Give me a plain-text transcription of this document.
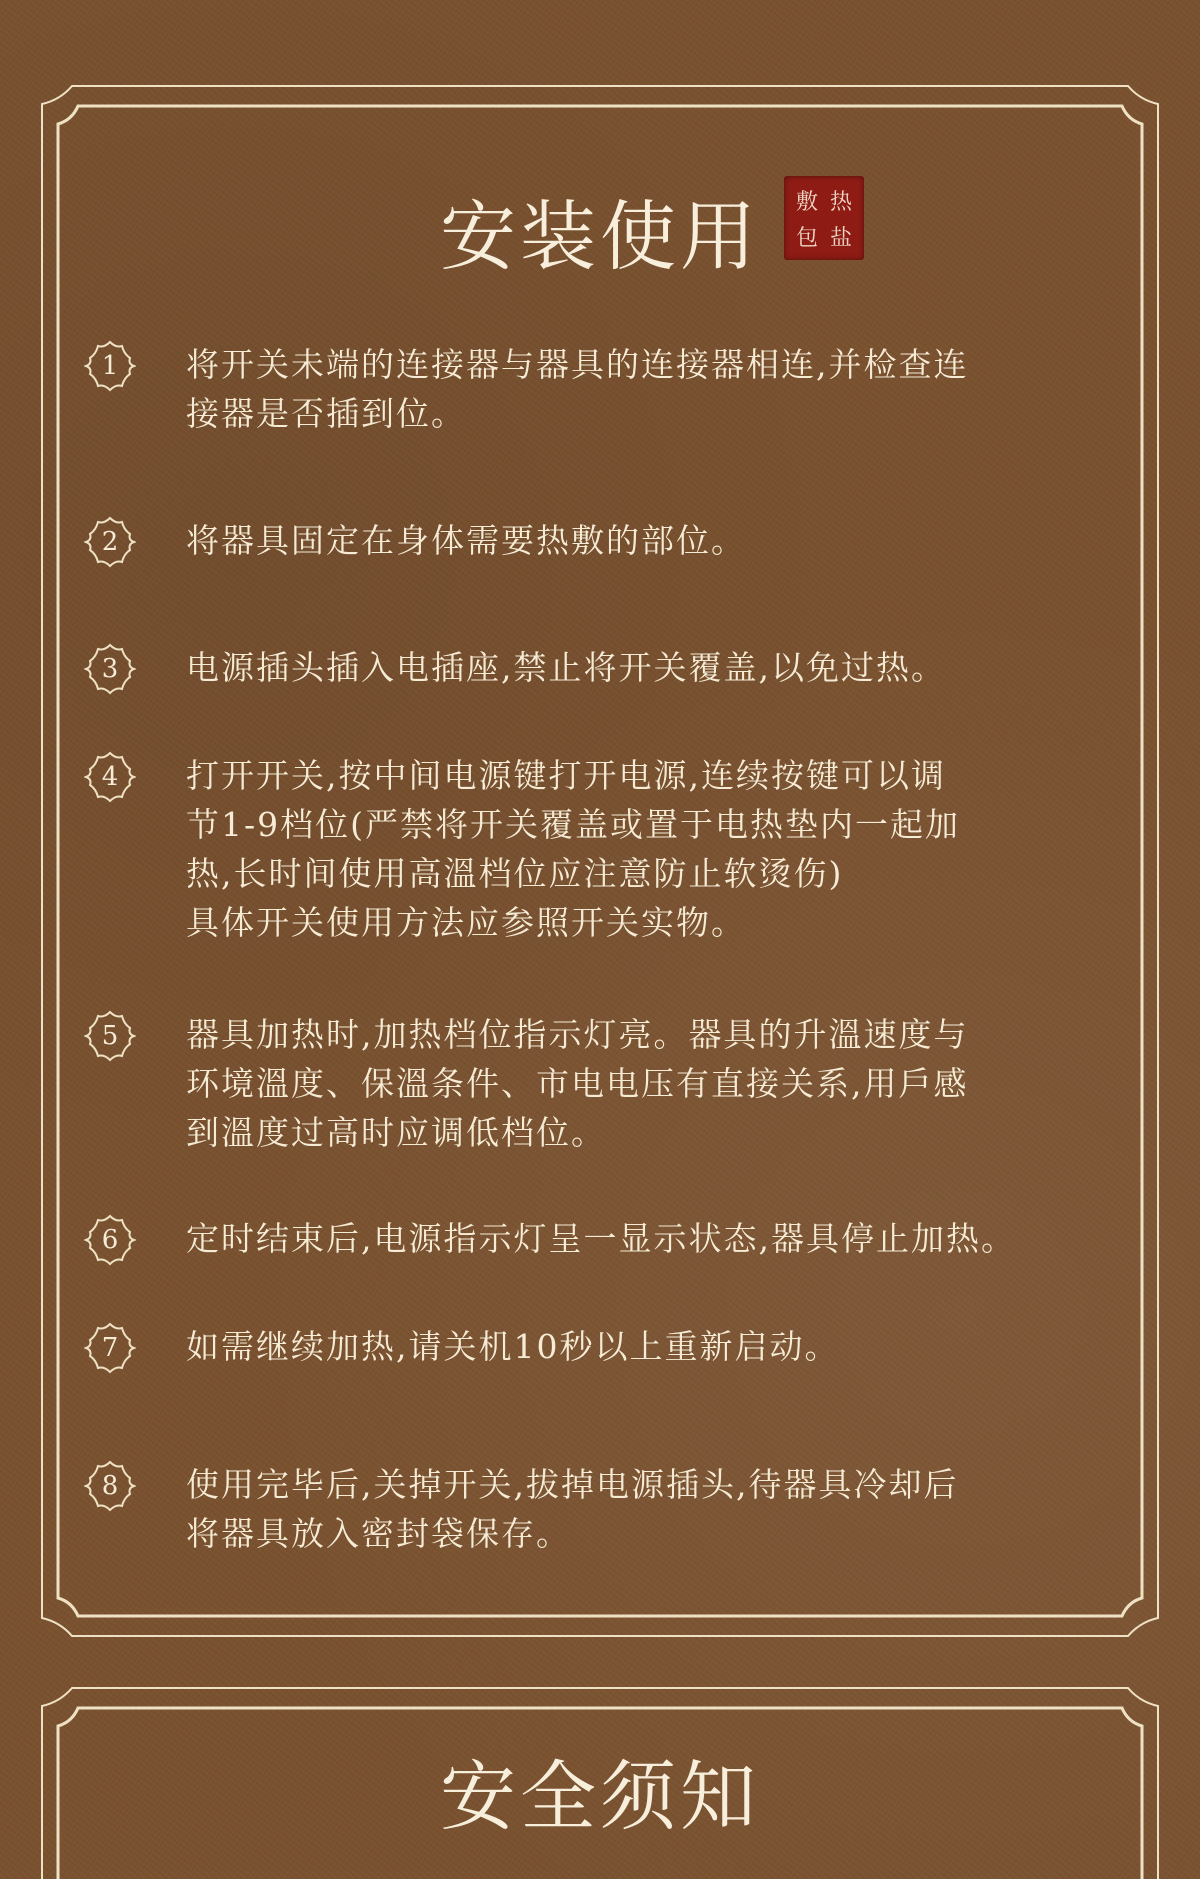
安装使用	敷 热
包 盐
1	将开关未端的连接器与器具的连接器相连,并检查连
接器是否插到位。
2	将器具固定在身体需要热敷的部位。
3	电源插头插入电插座,禁止将开关覆盖,以免过热。
4	打开开关,按中间电源键打开电源,连续按键可以调
节1-9档位(严禁将开关覆盖或置于电热垫内一起加
热,长时间使用高溫档位应注意防止软烫伤)
具体开关使用方法应参照开关实物。
5	器具加热时,加热档位指示灯亮。器具的升溫速度与
环境溫度、保溫条件、市电电压有直接关系,用戶感
到溫度过高时应调低档位。
6	定时结束后,电源指示灯呈一显示状态,器具停止加热。
7	如需继续加热,请关机10秒以上重新启动。
8	使用完毕后,关掉开关,拔掉电源插头,待器具冷却后
将器具放入密封袋保存。
安全须知
